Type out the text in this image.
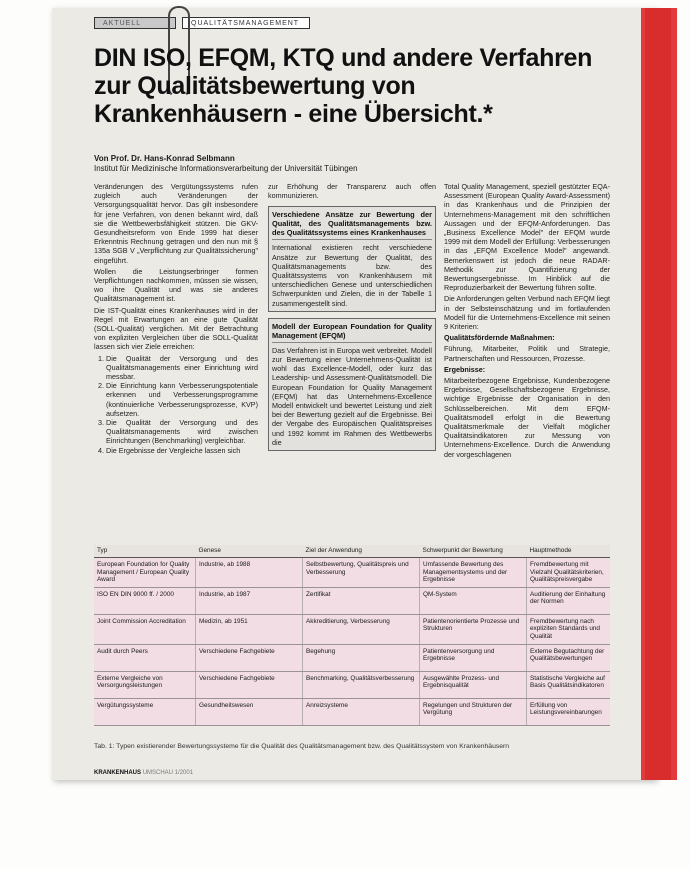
AKTUELL	QUALITÄTSMANAGEMENT
DIN ISO, EFQM, KTQ und andere Verfahren zur Qualitätsbewertung von Krankenhäusern - eine Übersicht.*
Von Prof. Dr. Hans-Konrad Selbmann
Institut für Medizinische Informationsverarbeitung der Universität Tübingen

Veränderungen des Vergütungssystems rufen zugleich auch Veränderungen der Versorgungsqualität hervor. Das gilt insbesondere für jene Verfahren, von denen bekannt wird, daß sie die Wettbewerbsfähigkeit stützen. Die GKV-Gesundheitsreform von Ende 1999 hat dieser Erkenntnis Rechnung getragen und den nun mit § 135a SGB V „Verpflichtung zur Qualitätssicherung" eingeführt.

Wollen die Leistungserbringer formen Verpflichtungen nachkommen, müssen sie wissen, wo ihre Qualität und was sie anderes Qualitätsmanagement ist.

Die IST-Qualität eines Krankenhauses wird in der Regel mit Erwartungen an eine gute Qualität (SOLL-Qualität) verglichen. Mit der Betrachtung von expliziten Vergleichen über die SOLL-Qualität lassen sich vier Ziele erreichen:

1. Die Qualität der Versorgung und des Qualitätsmanagements einer Einrichtung wird messbar.
2. Die Einrichtung kann Verbesserungspotentiale erkennen und Verbesserungsprogramme (kontinuierliche Verbesserungsprozesse, KVP) aufsetzen.
3. Die Qualität der Versorgung und des Qualitätsmanagements wird zwischen Einrichtungen (Benchmarking) vergleichbar.
4. Die Ergebnisse der Vergleiche lassen sich

zur Erhöhung der Transparenz auch offen kommunizieren.

Verschiedene Ansätze zur Bewertung der Qualität, des Qualitätsmanagements bzw. des Qualitätssystems eines Krankenhauses
International existieren recht verschiedene Ansätze zur Bewertung der Qualität, des Qualitätsmanagements bzw. des Qualitätssystems von Krankenhäusern mit unterschiedlichen Genese und unterschiedlichen Schwerpunkten und Zielen, die in der Tabelle 1 zusammengestellt sind.
Modell der European Foundation for Quality Management (EFQM)
Das Verfahren ist in Europa weit verbreitet. Modell zur Bewertung einer Unternehmens-Qualität ist wohl das Excellence-Modell, oder kurz das Leadership- und Assessment-Qualitätsmodell. Die European Foundation for Quality Management (EFQM) hat das Unternehmens-Excellence Modell entwickelt und bewertet Leistung und zielt bei der Bewertung gezielt auf die Ergebnisse. Bei der Vergabe des Europäischen Qualitätspreises und 1992 kommt im Rahmen des Wettbewerbs die

Total Quality Management, speziell gestützter EQA-Assessment (European Quality Award-Assessment) in das Krankenhaus und die Prinzipien der Unternehmens-Management mit den schriftlichen Aussagen und der EFQM-Anforderungen. Das „Business Excellence Model" der EFQM wurde 1999 mit dem Modell der Erfüllung: Verbesserungen in das „EFQM Excellence Model" angewandt. Bemerkenswert ist jedoch die neue RADAR-Methodik zur Quantifizierung der Bewertungsergebnisse. Im Hinblick auf die Reproduzierbarkeit der Bewertung führen sollte.

Die Anforderungen gelten Verbund nach EFQM liegt in der Selbsteinschätzung und im fortlaufenden Modell für die Unternehmens-Excellence mit seinen 9 Kriterien:

Qualitätsfördernde Maßnahmen:

Führung, Mitarbeiter, Politik und Strategie, Partnerschaften und Ressourcen, Prozesse.

Ergebnisse:

Mitarbeiterbezogene Ergebnisse, Kundenbezogene Ergebnisse, Gesellschaftsbezogene Ergebnisse, wichtige Ergebnisse der Organisation in den Schlüsselbereichen. Mit dem EFQM-Qualitätsmodell erfolgt in die Bewertung Qualitätsmerkmale der Vielfalt möglicher Qualitätsindikatoren zur Messung von Unternehmens-Excellence. Durch die Anwendung der vorgeschlagenen

Typ	Genese	Ziel der Anwendung	Schwerpunkt der Bewertung	Hauptmethode
European Foundation for Quality Management / European Quality Award	Industrie, ab 1988	Selbstbewertung, Qualitätspreis und Verbesserung	Umfassende Bewertung des Managementsystems und der Ergebnisse	Fremdbewertung mit Vielzahl Qualitätskriterien, Qualitätspreisvergabe
ISO EN DIN 9000 ff. / 2000	Industrie, ab 1987	Zertifikat	QM-System	Auditierung der Einhaltung der Normen
Joint Commission Accreditation	Medizin, ab 1951	Akkreditierung, Verbesserung	Patientenorientierte Prozesse und Strukturen	Fremdbewertung nach expliziten Standards und Qualität
Audit durch Peers	Verschiedene Fachgebiete	Begehung	Patientenversorgung und Ergebnisse	Externe Begutachtung der Qualitätsbewertungen
Externe Vergleiche von Versorgungsleistungen	Verschiedene Fachgebiete	Benchmarking, Qualitätsverbesserung	Ausgewählte Prozess- und Ergebnisqualität	Statistische Vergleiche auf Basis Qualitätsindikatoren
Vergütungssysteme	Gesundheitswesen	Anreizsysteme	Regelungen und Strukturen der Vergütung	Erfüllung von Leistungsvereinbarungen
Tab. 1: Typen existierender Bewertungssysteme für die Qualität des Qualitätsmanagement bzw. des Qualitätssystem von Krankenhäusern
KRANKENHAUS UMSCHAU 1/2001
